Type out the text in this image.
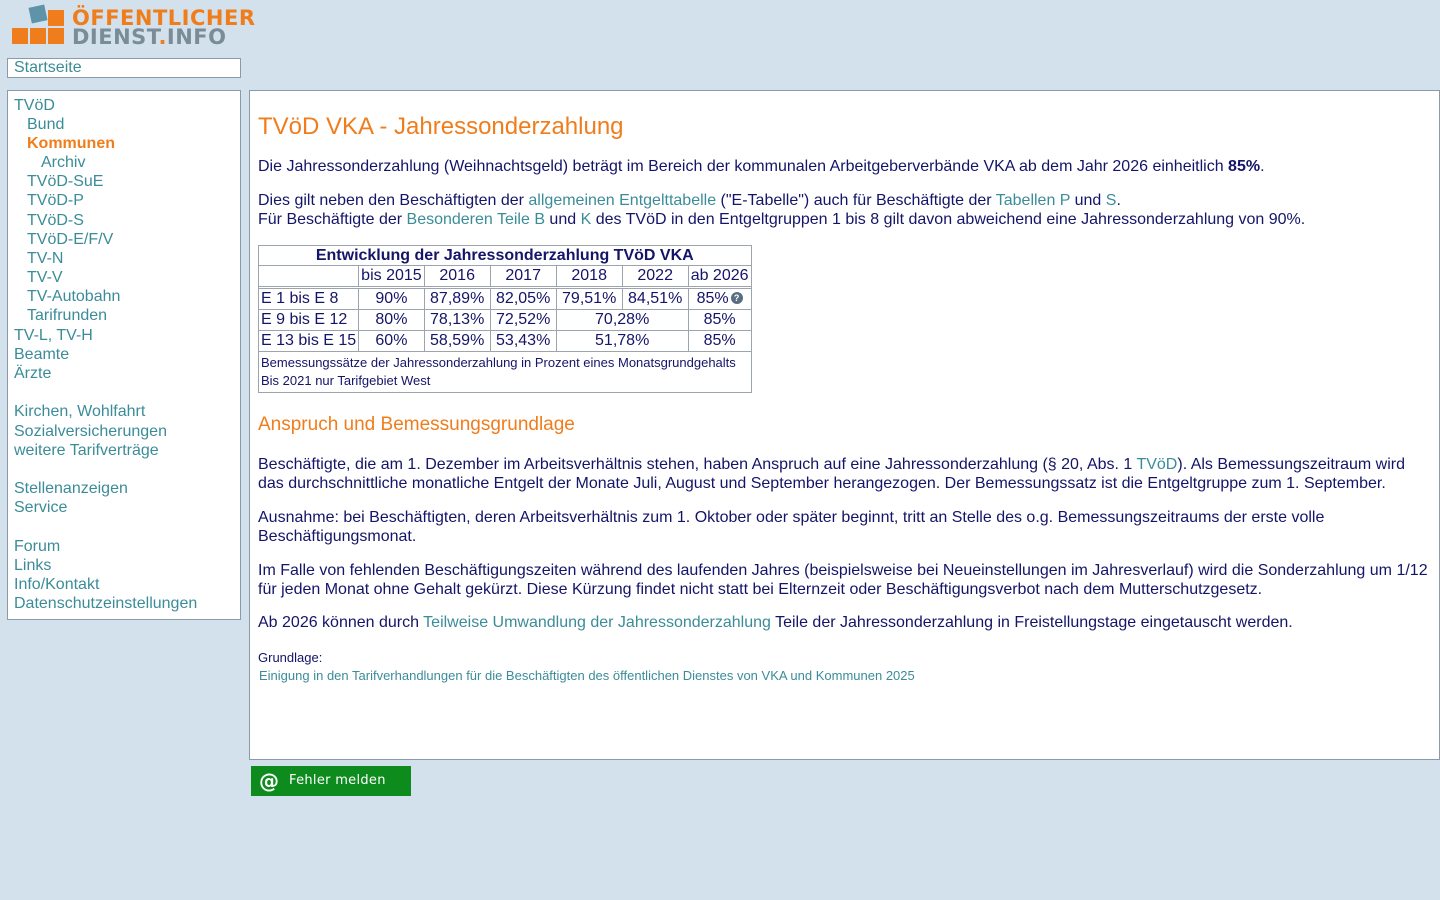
ÖFFENTLICHER
DIENST.INFO
Startseite
TVöD
Bund
Kommunen
Archiv
TVöD-SuE
TVöD-P
TVöD-S
TVöD-E/F/V
TV-N
TV-V
TV-Autobahn
Tarifrunden
TV-L, TV-H
Beamte
Ärzte
Kirchen, Wohlfahrt
Sozialversicherungen
weitere Tarifverträge
Stellenanzeigen
Service
Forum
Links
Info/Kontakt
Datenschutzeinstellungen
TVöD VKA - Jahressonderzahlung

Die Jahressonderzahlung (Weihnachtsgeld) beträgt im Bereich der kommunalen Arbeitgeberverbände VKA ab dem Jahr 2026 einheitlich 85%.

Dies gilt neben den Beschäftigten der allgemeinen Entgelttabelle ("E-Tabelle") auch für Beschäftigte der Tabellen P und S.
Für Beschäftigte der Besonderen Teile B und K des TVöD in den Entgeltgruppen 1 bis 8 gilt davon abweichend eine Jahressonderzahlung von 90%.

Entwicklung der Jahressonderzahlung TVöD VKA						
	bis 2015	2016	2017	2018	2022	ab 2026

E 1 bis E 8	90%	87,89%	82,05%	79,51%	84,51%	85% ?
E 9 bis E 12	80%	78,13%	72,52%	70,28%		85%
E 13 bis E 15	60%	58,59%	53,43%	51,78%		85%
Bemessungssätze der Jahressonderzahlung in Prozent eines Monatsgrundgehalts
Bis 2021 nur Tarifgebiet West						
Anspruch und Bemessungsgrundlage

Beschäftigte, die am 1. Dezember im Arbeitsverhältnis stehen, haben Anspruch auf eine Jahressonderzahlung (§ 20, Abs. 1 TVöD). Als Bemessungszeitraum wird das durchschnittliche monatliche Entgelt der Monate Juli, August und September herangezogen. Der Bemessungssatz ist die Entgeltgruppe zum 1. September.

Ausnahme: bei Beschäftigten, deren Arbeitsverhältnis zum 1. Oktober oder später beginnt, tritt an Stelle des o.g. Bemessungszeitraums der erste volle Beschäftigungsmonat.

Im Falle von fehlenden Beschäftigungszeiten während des laufenden Jahres (beispielsweise bei Neueinstellungen im Jahresverlauf) wird die Sonderzahlung um 1/12 für jeden Monat ohne Gehalt gekürzt. Diese Kürzung findet nicht statt bei Elternzeit oder Beschäftigungsverbot nach dem Mutterschutzgesetz.

Ab 2026 können durch Teilweise Umwandlung der Jahressonderzahlung Teile der Jahressonderzahlung in Freistellungstage eingetauscht werden.

Grundlage:
Einigung in den Tarifverhandlungen für die Beschäftigten des öffentlichen Dienstes von VKA und Kommunen 2025
@ Fehler melden
